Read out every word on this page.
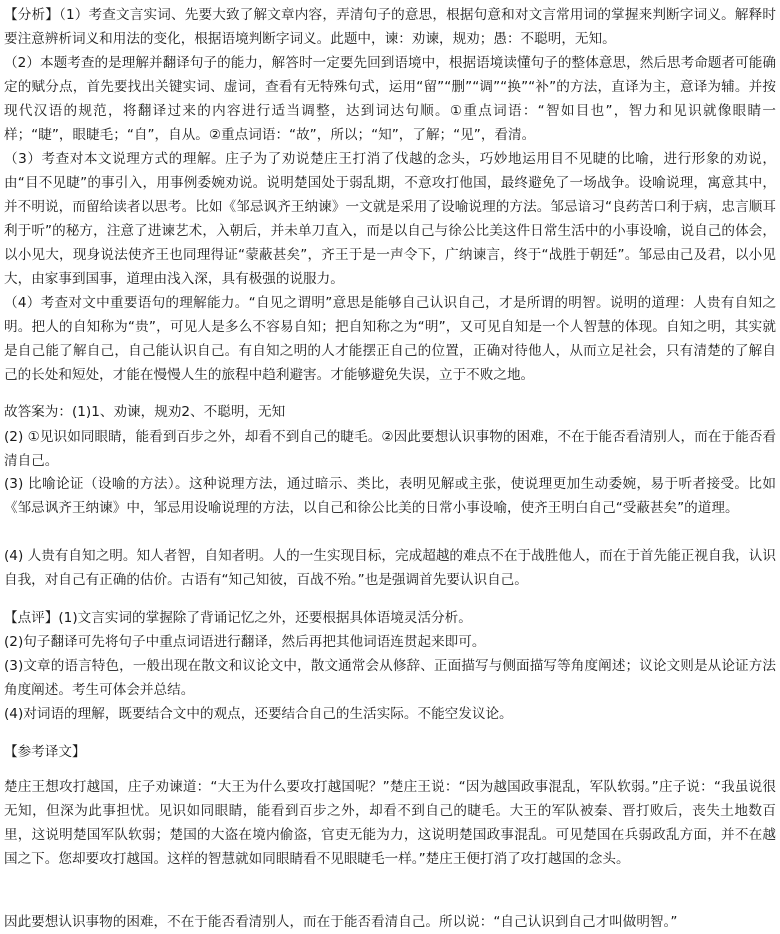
【分析】（1）考查文言实词、先要大致了解文章内容，弄清句子的意思，根据句意和对文言常用词的掌握来判断字词义。解释时要注意辨析词义和用法的变化，根据语境判断字词义。此题中，谏：劝谏，规劝；愚：不聪明，无知。

（2）本题考查的是理解并翻译句子的能力，解答时一定要先回到语境中，根据语境读懂句子的整体意思，然后思考命题者可能确定的赋分点，首先要找出关键实词、虚词，查看有无特殊句式，运用“留”“删”“调”“换”“补”的方法，直译为主，意译为辅。并按现代汉语的规范，将翻译过来的内容进行适当调整，达到词达句顺。①重点词语：“智如目也”，智力和见识就像眼睛一样；“睫”，眼睫毛；“自”，自从。②重点词语：“故”，所以；“知”，了解；“见”，看清。

（3）考查对本文说理方式的理解。庄子为了劝说楚庄王打消了伐越的念头，巧妙地运用目不见睫的比喻，进行形象的劝说，由“目不见睫”的事引入，用事例委婉劝说。说明楚国处于弱乱期，不意攻打他国，最终避免了一场战争。设喻说理，寓意其中，并不明说，而留给读者以思考。比如《邹忌讽齐王纳谏》一文就是采用了设喻说理的方法。邹忌谙习“良药苦口利于病，忠言顺耳利于听”的秘方，注意了进谏艺术，入朝后，并未单刀直入，而是以自己与徐公比美这件日常生活中的小事设喻，说自己的体会，以小见大，现身说法使齐王也同理得证“蒙蔽甚矣”，齐王于是一声令下，广纳谏言，终于“战胜于朝廷”。邹忌由己及君，以小见大，由家事到国事，道理由浅入深，具有极强的说服力。

（4）考查对文中重要语句的理解能力。“自见之谓明”意思是能够自己认识自己，才是所谓的明智。说明的道理：人贵有自知之明。把人的自知称为“贵”，可见人是多么不容易自知；把自知称之为“明”，又可见自知是一个人智慧的体现。自知之明，其实就是自己能了解自己，自己能认识自己。有自知之明的人才能摆正自己的位置，正确对待他人，从而立足社会，只有清楚的了解自己的长处和短处，才能在慢慢人生的旅程中趋利避害。才能够避免失误，立于不败之地。

故答案为：(1)1、劝谏，规劝2、不聪明，无知

(2) ①见识如同眼睛，能看到百步之外，却看不到自己的睫毛。②因此要想认识事物的困难，不在于能否看清别人，而在于能否看清自己。

(3) 比喻论证（设喻的方法）。这种说理方法，通过暗示、类比，表明见解或主张，使说理更加生动委婉，易于听者接受。比如《邹忌讽齐王纳谏》中，邹忌用设喻说理的方法，以自己和徐公比美的日常小事设喻，使齐王明白自己“受蔽甚矣”的道理。

(4) 人贵有自知之明。知人者智，自知者明。人的一生实现目标，完成超越的难点不在于战胜他人，而在于首先能正视自我，认识自我，对自己有正确的估价。古语有“知己知彼，百战不殆。”也是强调首先要认识自己。

【点评】(1)文言实词的掌握除了背诵记忆之外，还要根据具体语境灵活分析。

(2)句子翻译可先将句子中重点词语进行翻译，然后再把其他词语连贯起来即可。

(3)文章的语言特色，一般出现在散文和议论文中，散文通常会从修辞、正面描写与侧面描写等角度阐述；议论文则是从论证方法角度阐述。考生可体会并总结。

(4)对词语的理解，既要结合文中的观点，还要结合自己的生活实际。不能空发议论。

【参考译文】

楚庄王想攻打越国，庄子劝谏道：“大王为什么要攻打越国呢？”楚庄王说：“因为越国政事混乱，军队软弱。”庄子说：“我虽说很无知，但深为此事担忧。见识如同眼睛，能看到百步之外，却看不到自己的睫毛。大王的军队被秦、晋打败后，丧失土地数百里，这说明楚国军队软弱；楚国的大盗在境内偷盗，官吏无能为力，这说明楚国政事混乱。可见楚国在兵弱政乱方面，并不在越国之下。您却要攻打越国。这样的智慧就如同眼睛看不见眼睫毛一样。”楚庄王便打消了攻打越国的念头。

因此要想认识事物的困难，不在于能否看清别人，而在于能否看清自己。所以说：“自己认识到自己才叫做明智。”
